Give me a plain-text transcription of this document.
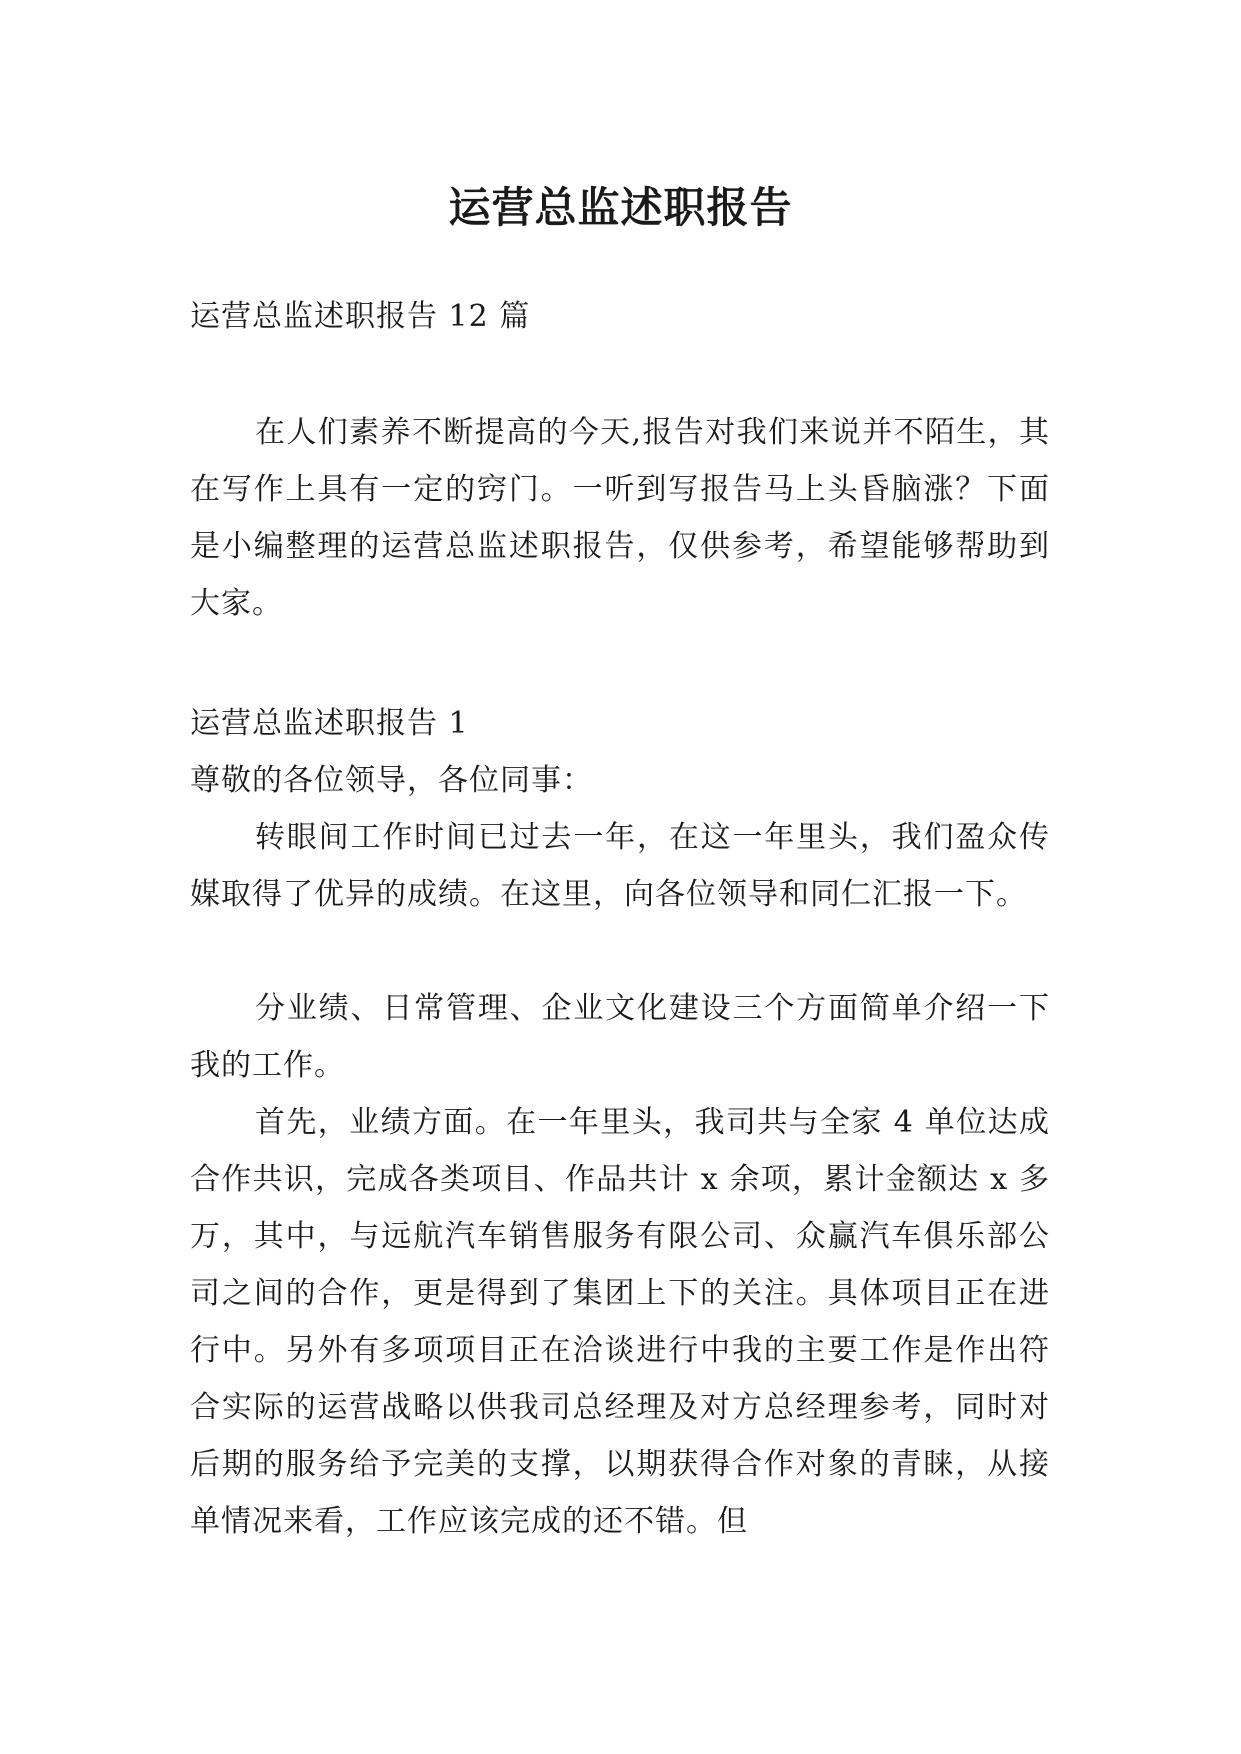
运营总监述职报告

运营总监述职报告 12 篇

在人们素养不断提高的今天,报告对我们来说并不陌生，其在写作上具有一定的窍门。一听到写报告马上头昏脑涨？下面是小编整理的运营总监述职报告，仅供参考，希望能够帮助到大家。

运营总监述职报告 1

尊敬的各位领导，各位同事：

转眼间工作时间已过去一年，在这一年里头，我们盈众传媒取得了优异的成绩。在这里，向各位领导和同仁汇报一下。

分业绩、日常管理、企业文化建设三个方面简单介绍一下我的工作。

首先，业绩方面。在一年里头，我司共与全家 4 单位达成合作共识，完成各类项目、作品共计 x 余项，累计金额达 x 多万，其中，与远航汽车销售服务有限公司、众赢汽车俱乐部公司之间的合作，更是得到了集团上下的关注。具体项目正在进行中。另外有多项项目正在洽谈进行中我的主要工作是作出符合实际的运营战略以供我司总经理及对方总经理参考，同时对后期的服务给予完美的支撑，以期获得合作对象的青睐，从接单情况来看，工作应该完成的还不错。但
